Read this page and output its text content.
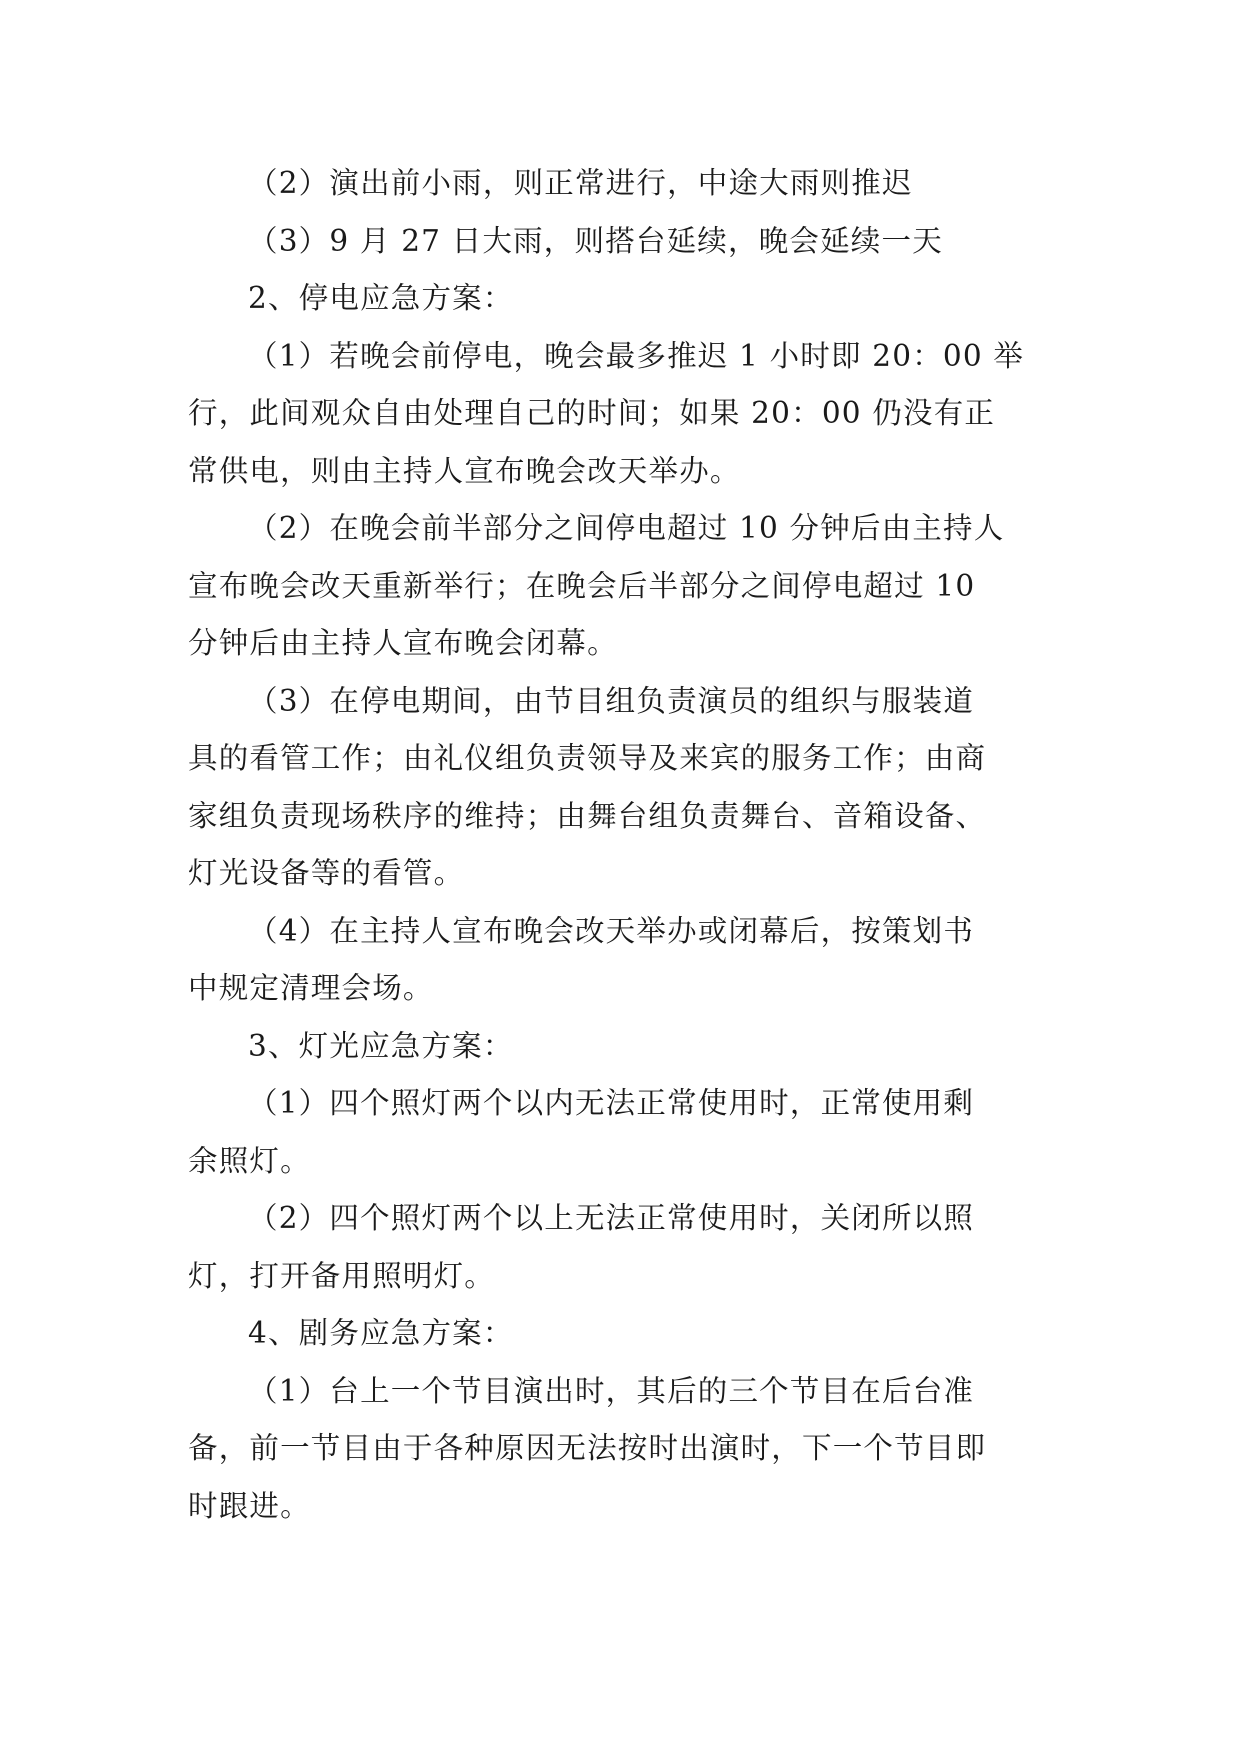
（2）演出前小雨，则正常进行，中途大雨则推迟
（3）9 月 27 日大雨，则搭台延续，晚会延续一天
2、停电应急方案：
（1）若晚会前停电，晚会最多推迟 1 小时即 20：00 举
行，此间观众自由处理自己的时间；如果 20：00 仍没有正
常供电，则由主持人宣布晚会改天举办。
（2）在晚会前半部分之间停电超过 10 分钟后由主持人
宣布晚会改天重新举行；在晚会后半部分之间停电超过 10
分钟后由主持人宣布晚会闭幕。
（3）在停电期间，由节目组负责演员的组织与服装道
具的看管工作；由礼仪组负责领导及来宾的服务工作；由商
家组负责现场秩序的维持；由舞台组负责舞台、音箱设备、
灯光设备等的看管。
（4）在主持人宣布晚会改天举办或闭幕后，按策划书
中规定清理会场。
3、灯光应急方案：
（1）四个照灯两个以内无法正常使用时，正常使用剩
余照灯。
（2）四个照灯两个以上无法正常使用时，关闭所以照
灯，打开备用照明灯。
4、剧务应急方案：
（1）台上一个节目演出时，其后的三个节目在后台准
备，前一节目由于各种原因无法按时出演时，下一个节目即
时跟进。
